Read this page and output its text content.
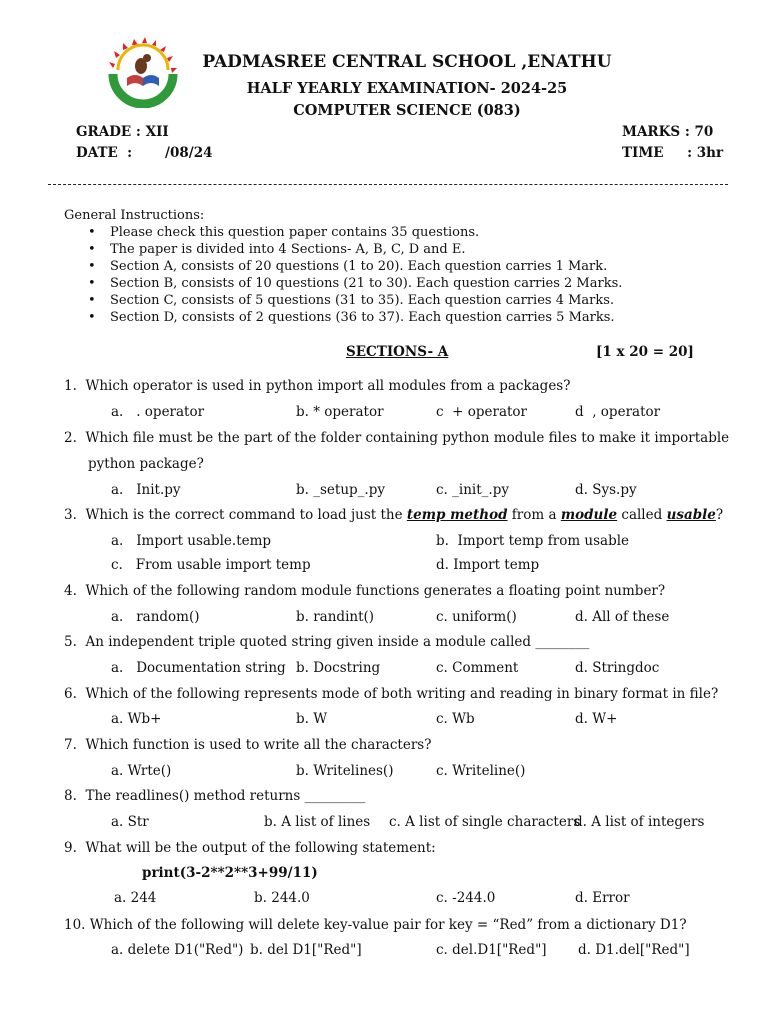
PADMASREE CENTRAL SCHOOL ,ENATHU
HALF YEARLY EXAMINATION- 2024-25
COMPUTER SCIENCE (083)
GRADE : XII
DATE  :       /08/24
MARKS : 70
TIME     : 3hr
General Instructions:
• Please check this question paper contains 35 questions.
• The paper is divided into 4 Sections- A, B, C, D and E.
• Section A, consists of 20 questions (1 to 20). Each question carries 1 Mark.
• Section B, consists of 10 questions (21 to 30). Each question carries 2 Marks.
• Section C, consists of 5 questions (31 to 35). Each question carries 4 Marks.
• Section D, consists of 2 questions (36 to 37). Each question carries 5 Marks.
SECTIONS- A	[1 x 20 = 20]
1. Which operator is used in python import all modules from a packages?
a.   . operator	b. * operator	c  + operator	d  , operator
2. Which file must be the part of the folder containing python module files to make it importable
python package?
a.   Init.py	b. _setup_.py	c. _init_.py	d. Sys.py
3. Which is the correct command to load just the temp method from a module called usable?
a.   Import usable.temp	b.  Import temp from usable
c.   From usable import temp	d. Import temp
4. Which of the following random module functions generates a floating point number?
a.   random()	b. randint()	c. uniform()	d. All of these
5. An independent triple quoted string given inside a module called ________
a.   Documentation string b. Docstring	c. Comment	d. Stringdoc
6. Which of the following represents mode of both writing and reading in binary format in file?
a. Wb+	b. W	c. Wb	d. W+
7. Which function is used to write all the characters?
a. Wrte()	b. Writelines()	c. Writeline()
8. The readlines() method returns _________
a. Str	b. A list of lines c. A list of single characters
d. A list of integers
9. What will be the output of the following statement:
print(3-2**2**3+99/11)
a. 244	b. 244.0	c. -244.0	d. Error
10. Which of the following will delete key-value pair for key = “Red” from a dictionary D1?
a. delete D1("Red") b. del D1["Red"]	c. del.D1["Red"] d. D1.del["Red"]
